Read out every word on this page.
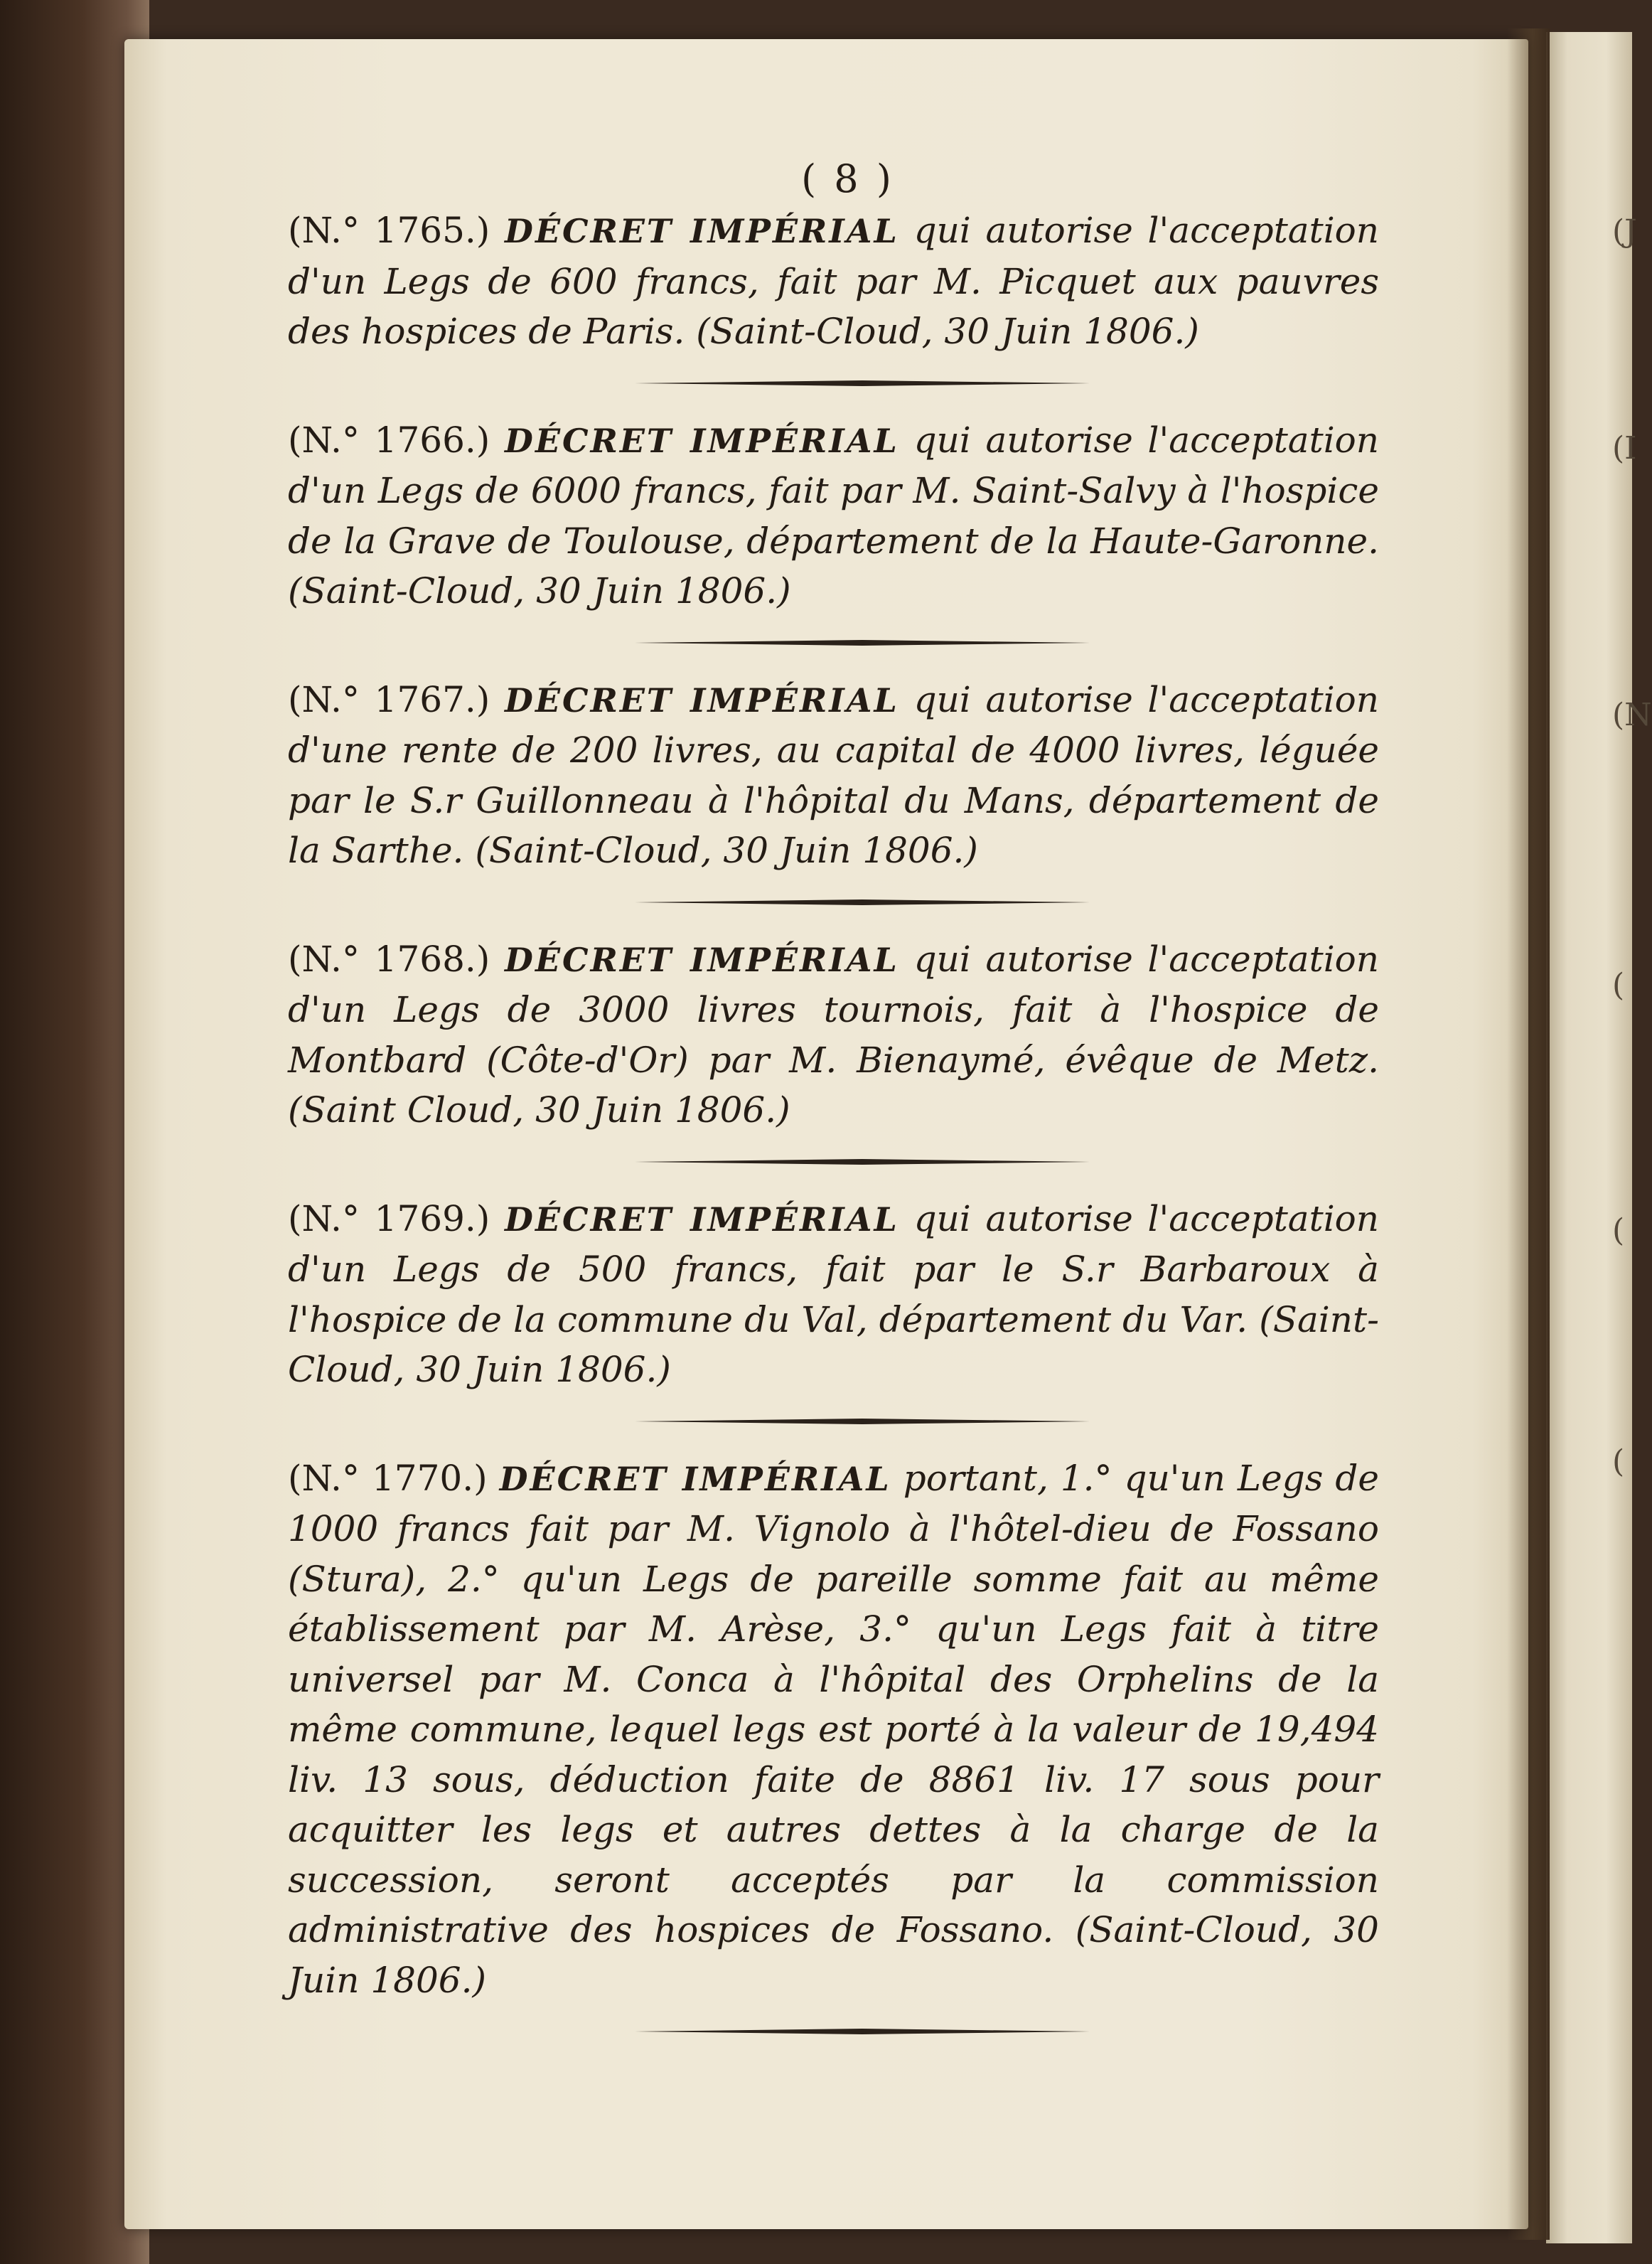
(J
(I
(N
(
(
(
( 8 )

(N.° 1765.) DÉCRET IMPÉRIAL qui autorise l'acceptation d'un Legs de 600 francs, fait par M. Picquet aux pauvres des hospices de Paris. (Saint-Cloud, 30 Juin 1806.)

(N.° 1766.) DÉCRET IMPÉRIAL qui autorise l'acceptation d'un Legs de 6000 francs, fait par M. Saint-Salvy à l'hospice de la Grave de Toulouse, département de la Haute-Garonne. (Saint-Cloud, 30 Juin 1806.)

(N.° 1767.) DÉCRET IMPÉRIAL qui autorise l'acceptation d'une rente de 200 livres, au capital de 4000 livres, léguée par le S.r Guillonneau à l'hôpital du Mans, département de la Sarthe. (Saint-Cloud, 30 Juin 1806.)

(N.° 1768.) DÉCRET IMPÉRIAL qui autorise l'acceptation d'un Legs de 3000 livres tournois, fait à l'hospice de Montbard (Côte-d'Or) par M. Bienaymé, évêque de Metz. (Saint Cloud, 30 Juin 1806.)

(N.° 1769.) DÉCRET IMPÉRIAL qui autorise l'acceptation d'un Legs de 500 francs, fait par le S.r Barbaroux à l'hospice de la commune du Val, département du Var. (Saint-Cloud, 30 Juin 1806.)

(N.° 1770.) DÉCRET IMPÉRIAL portant, 1.° qu'un Legs de 1000 francs fait par M. Vignolo à l'hôtel-dieu de Fossano (Stura), 2.° qu'un Legs de pareille somme fait au même établissement par M. Arèse, 3.° qu'un Legs fait à titre universel par M. Conca à l'hôpital des Orphelins de la même commune, lequel legs est porté à la valeur de 19,494 liv. 13 sous, déduction faite de 8861 liv. 17 sous pour acquitter les legs et autres dettes à la charge de la succession, seront acceptés par la commission administrative des hospices de Fossano. (Saint-Cloud, 30 Juin 1806.)
